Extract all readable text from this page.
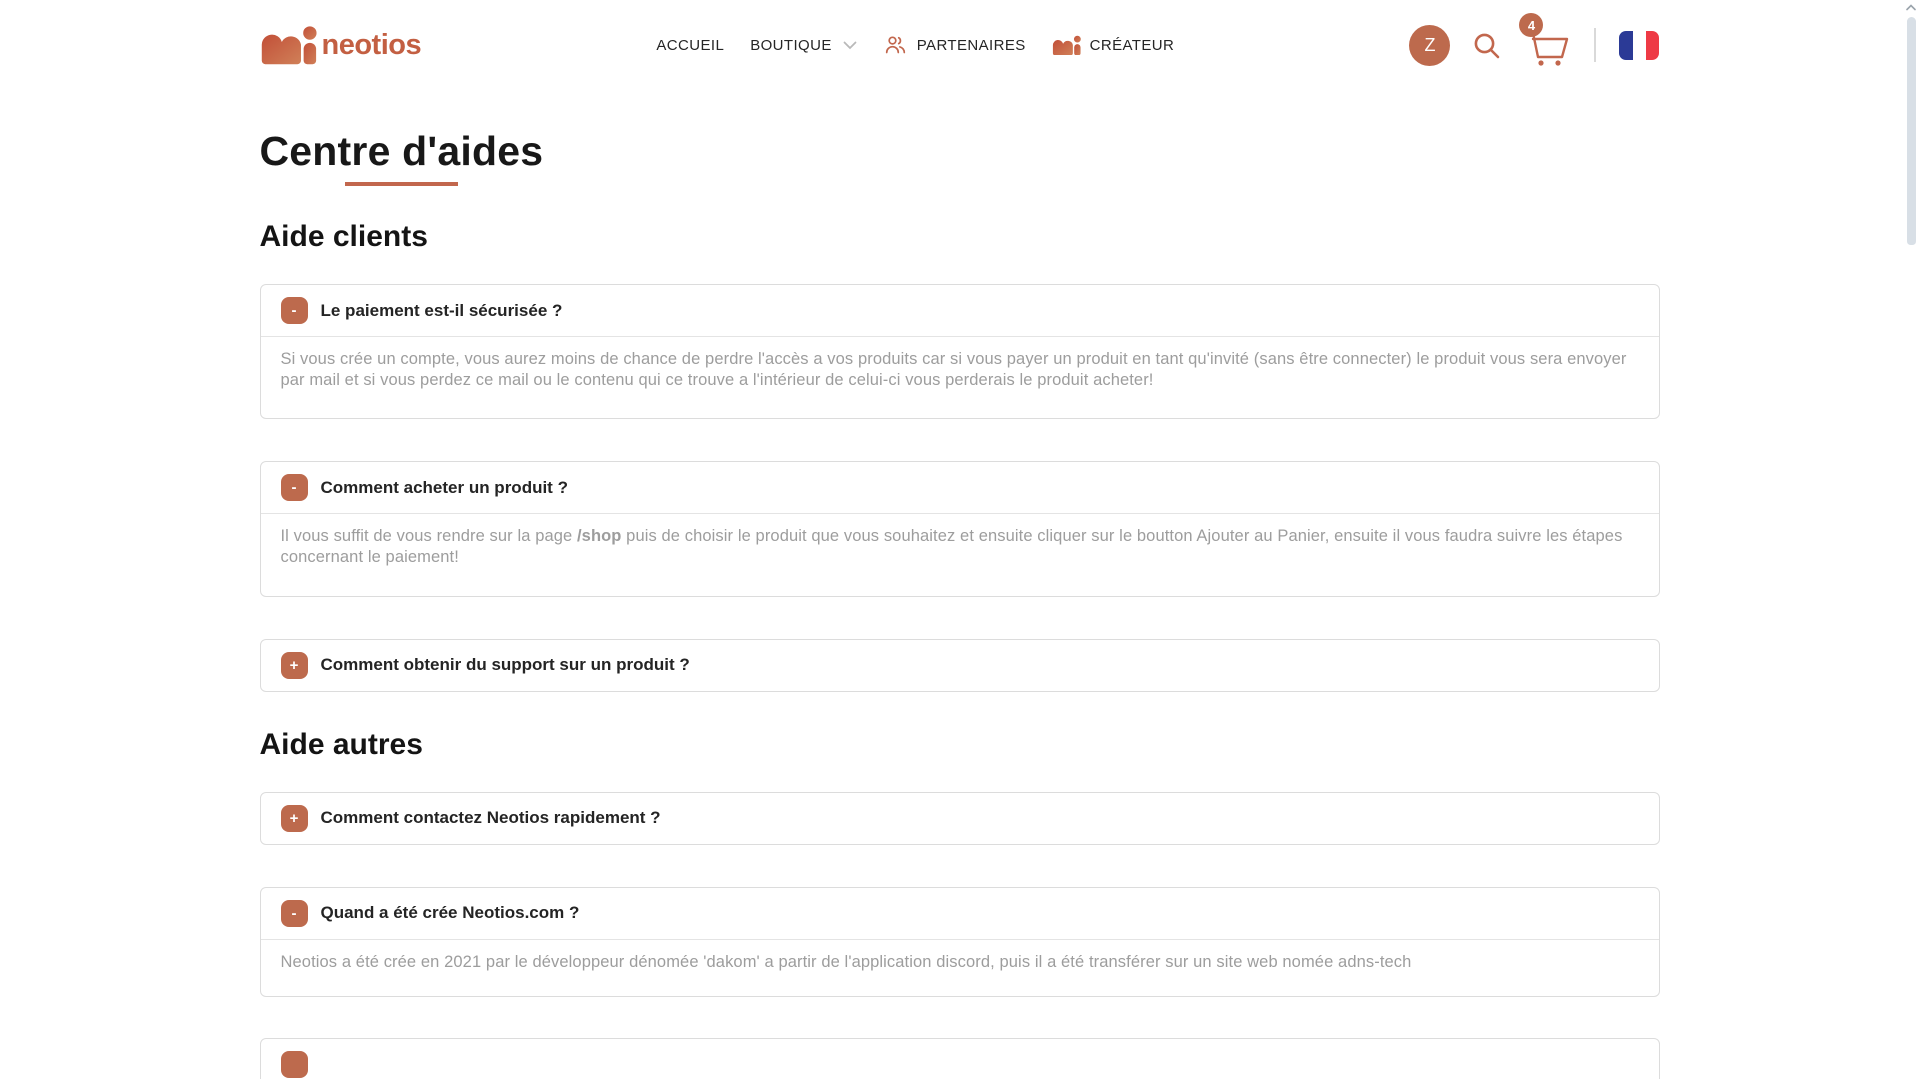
neotios	ACCUEIL BOUTIQUE	PARTENAIRES	CRÉATEUR	Z
4
Centre d'aides
Aide clients
-	Le paiement est-il sécurisée ?

Si vous crée un compte, vous aurez moins de chance de perdre l'accès a vos produits car si vous payer un produit en tant qu'invité (sans être connecter) le produit vous sera envoyer par mail et si vous perdez ce mail ou le contenu qui ce trouve a l'intérieur de celui-ci vous perderais le produit acheter!

-	Comment acheter un produit ?

Il vous suffit de vous rendre sur la page /shop puis de choisir le produit que vous souhaitez et ensuite cliquer sur le boutton Ajouter au Panier, ensuite il vous faudra suivre les étapes concernant le paiement!

+	Comment obtenir du support sur un produit ?
Aide autres
+	Comment contactez Neotios rapidement ?
-	Quand a été crée Neotios.com ?

Neotios a été crée en 2021 par le développeur dénomée 'dakom' a partir de l'application discord, puis il a été transférer sur un site web nomée adns-tech
